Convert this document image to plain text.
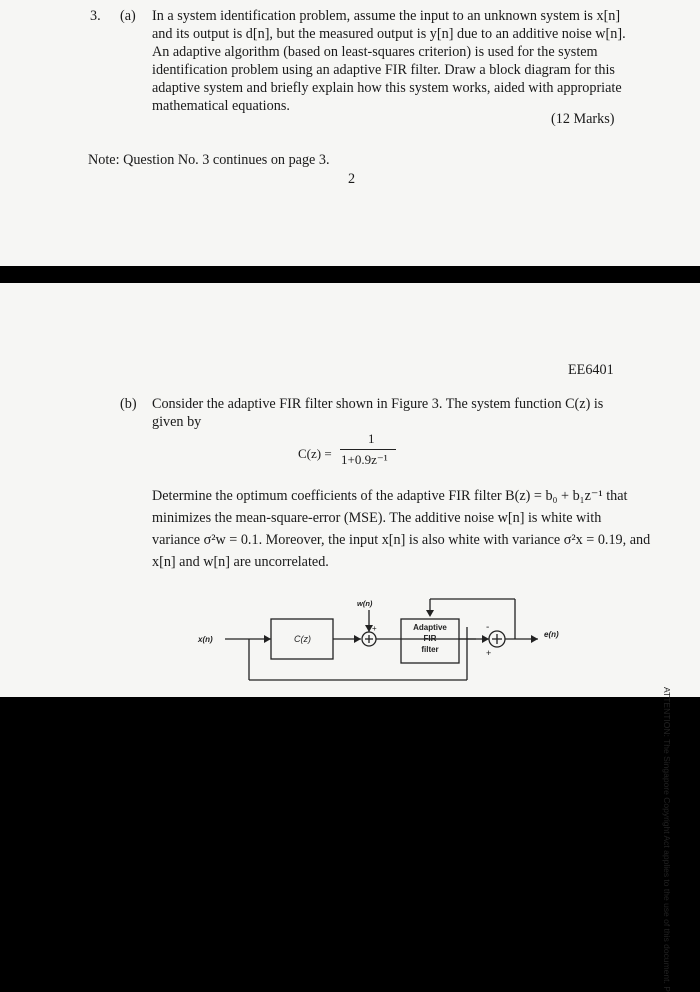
3. (a) In a system identification problem, assume the input to an unknown system is x[n]
and its output is d[n], but the measured output is y[n] due to an additive noise w[n].
An adaptive algorithm (based on least-squares criterion) is used for the system
identification problem using an adaptive FIR filter. Draw a block diagram for this
adaptive system and briefly explain how this system works, aided with appropriate
mathematical equations.
(12 Marks)
Note: Question No. 3 continues on page 3.
2
EE6401
(b) Consider the adaptive FIR filter shown in Figure 3. The system function C(z) is
given by
C(z) =
1
1+0.9z⁻¹
Determine the optimum coefficients of the adaptive FIR filter B(z) = b₀ + b₁z⁻¹ that
minimizes the mean-square-error (MSE). The additive noise w[n] is white with
variance σ²w = 0.1. Moreover, the input x[n] is also white with variance σ²x = 0.19, and
x[n] and w[n] are uncorrelated.
x(n)	C(z)
w(n)
Adaptive
FIR
filter
e(n)
+	-
+
ATTENTION: The Singapore Copyright Act applies to the use of this document. P
